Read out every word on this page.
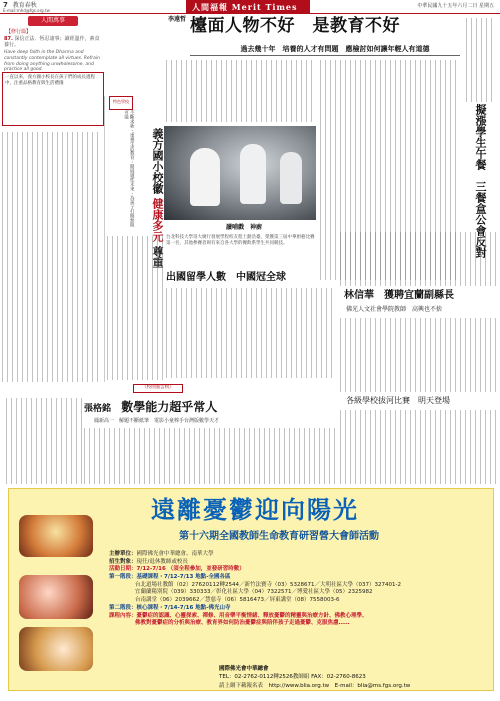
7 教育春秋
E-mail:mhd@fgs.org.tw	人間福報 Merit Times	中華民國九十五年六月二日 星期五
人間萬事
【修行篇】
87. 深信正法．恆忍諸事；讀經溫作，素食養行。
Have deep faith in the Dharma and constantly contemplate all virtues. Refrain from doing anything unwholesome, and practice all good.
一直以來，義方國小校長在孩子們的成長過程中，注重品格教育與生活禮儀
特色學校
不斷求新・重視生活教育・開展適性未來・為孩子打開無限可能
義方國小校徽 健康多元 尊重
李遠哲 檯面人物不好　是教育不好
過去幾十年　培養的人才有問題　應檢討如何讓年輕人有道德
讀哺戲　神廚
台北科技大學哥大廣行發展學程校友程士勳浩臺，榮獲第三屆中華廚藝比賽第一名，其他參賽者則有來自各大學的餐飲系學生共同競技。
出國留學人數　中國冠全球
擬漲學生午餐　三餐盒公會反對
林信華　獲聘宜蘭副縣長
佛光人文社會學院教師　高興也不捨
各級學校拔河比賽　明天登場
《校園風雲榜》
張格銘 數學能力超乎常人
鳳新高一　解題不斷紙筆　電影小童棒手台灣版數學天才
遠離憂鬱迎向陽光
第十六期全國教師生命教育研習營大會師活動
主辦單位：國際佛光會中華總會、南華大學
招生對象：現任/退休教師或校長
活動日期：7/12-7/16 （須全程參加，並發研習時數）
第一階段：基礎課程・7/12-7/13 地點-全國各區
台北道場社教館（02）27620112轉2544／新竹法寶寺（03）5328671／大明社區大學（037）327401-2
宜蘭蘭陽別院（039）330333／彰化社區大學（04）7322571／博愛社區大學（05）2325982
台南講堂（06）2039662／慧慈寺（06）5816473／屏東講堂（08）7558003-6
第二階段：核心課程・7/14-7/16 地點-佛光山寺
課程內容：憂鬱症的認識、心靈探索、禪修、用音樂平衡情緒、釋放憂鬱的精靈與治療方針、佛教心理學、
佛教對憂鬱症的分析與治療、教育界如何防治憂鬱症與陪伴孩子走過憂鬱、克服焦慮……
國際佛光會中華總會　
TEL：02-2762-0112轉2526教師組 FAX：02-2760-8623
請上網下載報名表　http://www.blia.org.tw　E-mail：blia@ms.fgs.org.tw
